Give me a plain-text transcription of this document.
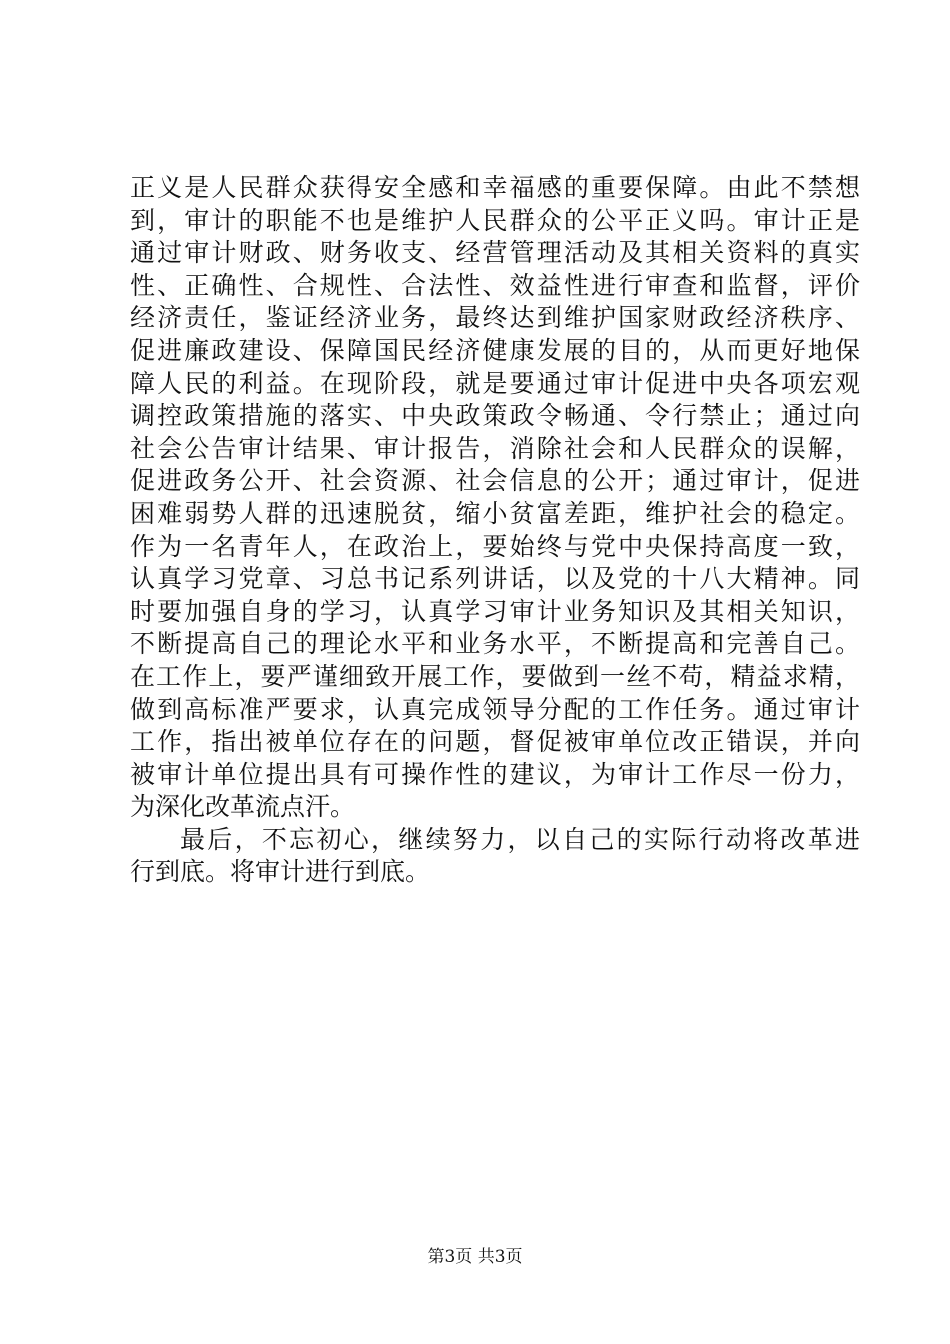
正义是人民群众获得安全感和幸福感的重要保障。由此不禁想
到，审计的职能不也是维护人民群众的公平正义吗。审计正是
通过审计财政、财务收支、经营管理活动及其相关资料的真实
性、正确性、合规性、合法性、效益性进行审查和监督，评价
经济责任，鉴证经济业务，最终达到维护国家财政经济秩序、
促进廉政建设、保障国民经济健康发展的目的，从而更好地保
障人民的利益。在现阶段，就是要通过审计促进中央各项宏观
调控政策措施的落实、中央政策政令畅通、令行禁止；通过向
社会公告审计结果、审计报告，消除社会和人民群众的误解，
促进政务公开、社会资源、社会信息的公开；通过审计，促进
困难弱势人群的迅速脱贫，缩小贫富差距，维护社会的稳定。
作为一名青年人，在政治上，要始终与党中央保持高度一致，
认真学习党章、习总书记系列讲话，以及党的十八大精神。同
时要加强自身的学习，认真学习审计业务知识及其相关知识，
不断提高自己的理论水平和业务水平，不断提高和完善自己。
在工作上，要严谨细致开展工作，要做到一丝不苟，精益求精，
做到高标准严要求，认真完成领导分配的工作任务。通过审计
工作，指出被单位存在的问题，督促被审单位改正错误，并向
被审计单位提出具有可操作性的建议，为审计工作尽一份力，
为深化改革流点汗。
最后，不忘初心，继续努力，以自己的实际行动将改革进
行到底。将审计进行到底。
第3页 共3页
